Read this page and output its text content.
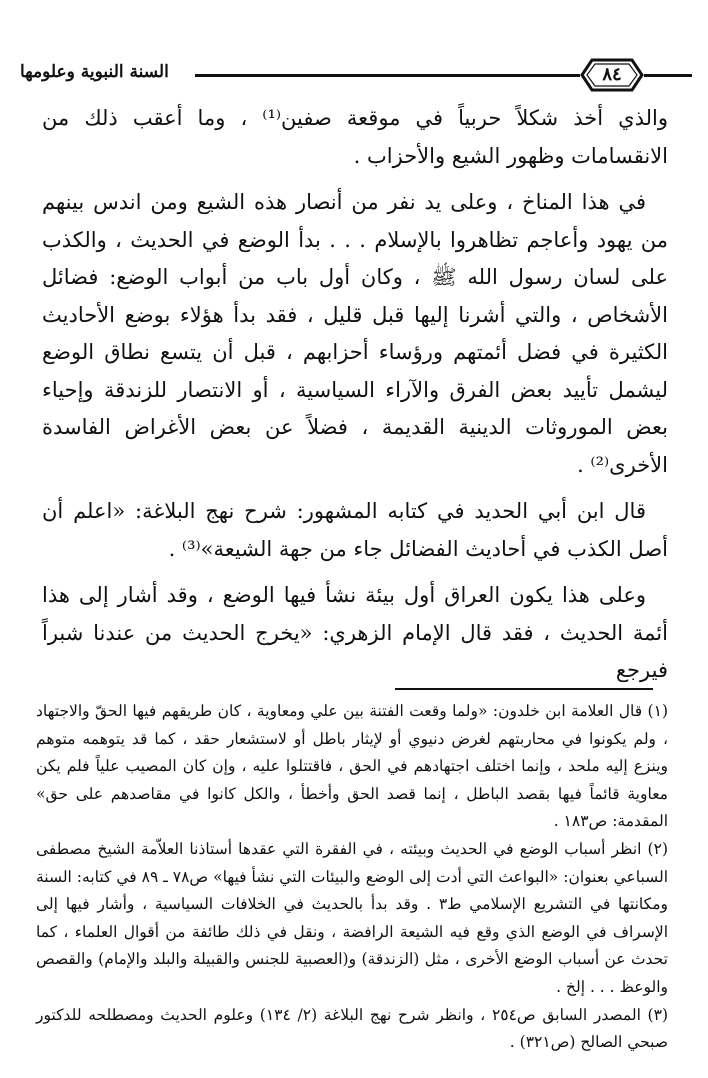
السنة النبوية وعلومها	٨٤

والذي أخذ شكلاً حربياً في موقعة صفين⁽¹⁾ ، وما أعقب ذلك من الانقسامات وظهور الشيع والأحزاب .

في هذا المناخ ، وعلى يد نفر من أنصار هذه الشيع ومن اندس بينهم من يهود وأعاجم تظاهروا بالإسلام . . . بدأ الوضع في الحديث ، والكذب على لسان رسول الله ﷺ ، وكان أول باب من أبواب الوضع: فضائل الأشخاص ، والتي أشرنا إليها قبل قليل ، فقد بدأ هؤلاء بوضع الأحاديث الكثيرة في فضل أئمتهم ورؤساء أحزابهم ، قبل أن يتسع نطاق الوضع ليشمل تأييد بعض الفرق والآراء السياسية ، أو الانتصار للزندقة وإحياء بعض الموروثات الدينية القديمة ، فضلاً عن بعض الأغراض الفاسدة الأخرى⁽²⁾ .

قال ابن أبي الحديد في كتابه المشهور: شرح نهج البلاغة: «اعلم أن أصل الكذب في أحاديث الفضائل جاء من جهة الشيعة»⁽³⁾ .

وعلى هذا يكون العراق أول بيئة نشأ فيها الوضع ، وقد أشار إلى هذا أئمة الحديث ، فقد قال الإمام الزهري: «يخرج الحديث من عندنا شبراً فيرجع

(١) قال العلامة ابن خلدون: «ولما وقعت الفتنة بين علي ومعاوية ، كان طريقهم فيها الحقّ والاجتهاد ، ولم يكونوا في محاربتهم لغرض دنيوي أو لإيثار باطل أو لاستشعار حقد ، كما قد يتوهمه متوهم وينزع إليه ملحد ، وإنما اختلف اجتهادهم في الحق ، فاقتتلوا عليه ، وإن كان المصيب علياً فلم يكن معاوية قائماً فيها بقصد الباطل ، إنما قصد الحق وأخطأ ، والكل كانوا في مقاصدهم على حق» المقدمة: ص١٨٣ .

(٢) انظر أسباب الوضع في الحديث وبيئته ، في الفقرة التي عقدها أستاذنا العلاّمة الشيخ مصطفى السباعي بعنوان: «البواعث التي أدت إلى الوضع والبيئات التي نشأ فيها» ص٧٨ ـ ٨٩ في كتابه: السنة ومكانتها في التشريع الإسلامي ط٣ . وقد بدأ بالحديث في الخلافات السياسية ، وأشار فيها إلى الإسراف في الوضع الذي وقع فيه الشيعة الرافضة ، ونقل في ذلك طائفة من أقوال العلماء ، كما تحدث عن أسباب الوضع الأخرى ، مثل (الزندقة) و(العصبية للجنس والقبيلة والبلد والإمام) والقصص والوعظ . . . إلخ .

(٣) المصدر السابق ص٢٥٤ ، وانظر شرح نهج البلاغة (٢/ ١٣٤) وعلوم الحديث ومصطلحه للدكتور صبحي الصالح (ص٣٢١) .
